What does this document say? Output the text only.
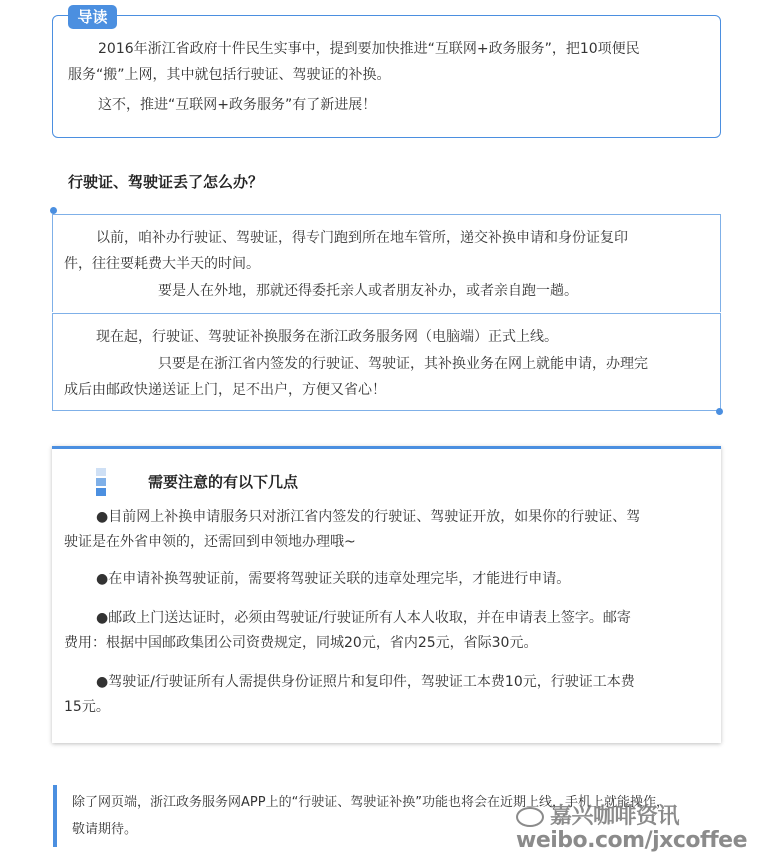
导读
2016年浙江省政府十件民生实事中，提到要加快推进“互联网+政务服务”，把10项便民
服务“搬”上网，其中就包括行驶证、驾驶证的补换。
这不，推进“互联网+政务服务”有了新进展！
行驶证、驾驶证丢了怎么办？
以前，咱补办行驶证、驾驶证，得专门跑到所在地车管所，递交补换申请和身份证复印
件，往往要耗费大半天的时间。
要是人在外地，那就还得委托亲人或者朋友补办，或者亲自跑一趟。
现在起，行驶证、驾驶证补换服务在浙江政务服务网（电脑端）正式上线。
只要是在浙江省内签发的行驶证、驾驶证，其补换业务在网上就能申请，办理完
成后由邮政快递送证上门，足不出户，方便又省心！
需要注意的有以下几点
●目前网上补换申请服务只对浙江省内签发的行驶证、驾驶证开放，如果你的行驶证、驾
驶证是在外省申领的，还需回到申领地办理哦~
●在申请补换驾驶证前，需要将驾驶证关联的违章处理完毕，才能进行申请。
●邮政上门送达证时，必须由驾驶证/行驶证所有人本人收取，并在申请表上签字。邮寄
费用：根据中国邮政集团公司资费规定，同城20元，省内25元，省际30元。
●驾驶证/行驶证所有人需提供身份证照片和复印件，驾驶证工本费10元，行驶证工本费
15元。
除了网页端，浙江政务服务网APP上的“行驶证、驾驶证补换”功能也将会在近期上线，手机上就能操作，
敬请期待。
嘉兴咖啡资讯
weibo.com/jxcoffee
